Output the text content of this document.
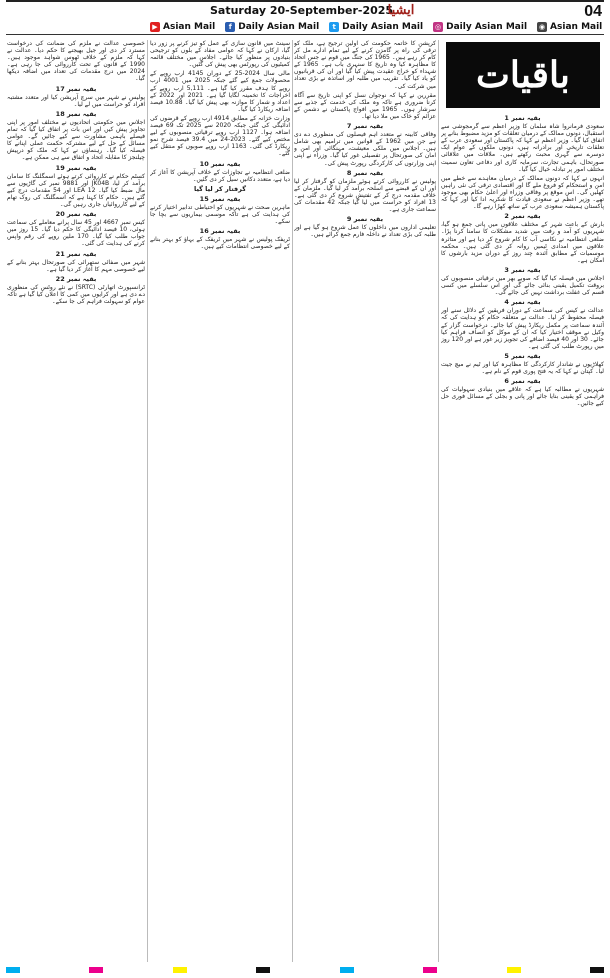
Saturday 20-September-2025
ایشیا	04
▶ Asian Mail	f Daily Asian Mail	t Daily Asian Mail ◎ Daily Asian Mail ◉ Asian Mail
باقیات
بقیہ نمبر 1

سعودی فرمانروا شاہ سلمان کا وزیر اعظم سے گرمجوشی سے استقبال، دونوں ممالک کے درمیان تعلقات کو مزید مضبوط بنانے پر اتفاق کیا گیا۔ وزیر اعظم نے کہا کہ پاکستان اور سعودی عرب کے تعلقات تاریخی اور برادرانہ ہیں، دونوں ملکوں کے عوام ایک دوسرے سے گہری محبت رکھتے ہیں۔ ملاقات میں علاقائی صورتحال، باہمی تجارت، سرمایہ کاری اور دفاعی تعاون سمیت مختلف امور پر تبادلہ خیال کیا گیا۔

انہوں نے کہا کہ دونوں ممالک کے درمیان معاہدے سے خطے میں امن و استحکام کو فروغ ملے گا اور اقتصادی ترقی کی نئی راہیں کھلیں گی۔ اس موقع پر وفاقی وزراء اور اعلیٰ حکام بھی موجود تھے۔ وزیر اعظم نے سعودی قیادت کا شکریہ ادا کیا اور کہا کہ پاکستان ہمیشہ سعودی عرب کے ساتھ کھڑا رہے گا۔

بقیہ نمبر 2

بارش کے باعث شہر کے مختلف علاقوں میں پانی جمع ہو گیا، شہریوں کو آمد و رفت میں شدید مشکلات کا سامنا کرنا پڑا۔ ضلعی انتظامیہ نے نکاسی آب کا کام شروع کر دیا ہے اور متاثرہ علاقوں میں امدادی ٹیمیں روانہ کر دی گئی ہیں۔ محکمہ موسمیات کے مطابق آئندہ چند روز کے دوران مزید بارشوں کا امکان ہے۔

بقیہ نمبر 3

اجلاس میں فیصلہ کیا گیا کہ صوبے بھر میں ترقیاتی منصوبوں کی بروقت تکمیل یقینی بنائی جائے گی اور اس سلسلے میں کسی قسم کی غفلت برداشت نہیں کی جائے گی۔

بقیہ نمبر 4

عدالت نے کیس کی سماعت کے دوران فریقین کے دلائل سنے اور فیصلہ محفوظ کر لیا۔ عدالت نے متعلقہ حکام کو ہدایت کی کہ آئندہ سماعت پر مکمل ریکارڈ پیش کیا جائے۔ درخواست گزار کے وکیل نے موقف اختیار کیا کہ ان کے موکل کو انصاف فراہم کیا جائے۔ 30 اور 40 فیصد اضافے کی تجویز زیر غور ہے اور 120 روز میں رپورٹ طلب کی گئی ہے۔

بقیہ نمبر 5

کھلاڑیوں نے شاندار کارکردگی کا مظاہرہ کیا اور ٹیم نے میچ جیت لیا۔ کپتان نے کہا کہ یہ فتح پوری قوم کے نام ہے۔

بقیہ نمبر 6

شہریوں نے مطالبہ کیا ہے کہ علاقے میں بنیادی سہولیات کی فراہمی کو یقینی بنایا جائے اور پانی و بجلی کے مسائل فوری حل کیے جائیں۔

کرپشن کا خاتمہ حکومت کی اولین ترجیح ہے، ملک کو ترقی کی راہ پر گامزن کرنے کے لیے تمام ادارے مل کر کام کر رہے ہیں۔ 1965 کی جنگ میں قوم نے جس اتحاد کا مظاہرہ کیا وہ تاریخ کا سنہری باب ہے۔ 1965 کے شہداء کو خراج عقیدت پیش کیا گیا اور ان کی قربانیوں کو یاد کیا گیا۔ تقریب میں طلبہ اور اساتذہ نے بڑی تعداد میں شرکت کی۔

مقررین نے کہا کہ نوجوان نسل کو اپنی تاریخ سے آگاہ کرنا ضروری ہے تاکہ وہ ملک کی خدمت کے جذبے سے سرشار ہوں۔ 1965 میں افواج پاکستان نے دشمن کے عزائم کو خاک میں ملا دیا تھا۔

بقیہ نمبر 7

وفاقی کابینہ نے متعدد اہم فیصلوں کی منظوری دے دی ہے جن میں 1962 کے قوانین میں ترامیم بھی شامل ہیں۔ اجلاس میں ملکی معیشت، مہنگائی اور امن و امان کی صورتحال پر تفصیلی غور کیا گیا۔ وزراء نے اپنی اپنی وزارتوں کی کارکردگی رپورٹ پیش کی۔

بقیہ نمبر 8

پولیس نے کارروائی کرتے ہوئے ملزمان کو گرفتار کر لیا اور ان کے قبضے سے اسلحہ برآمد کر لیا گیا۔ ملزمان کے خلاف مقدمہ درج کر کے تفتیش شروع کر دی گئی ہے۔ 13 افراد کو حراست میں لیا گیا جبکہ 42 مقدمات کی سماعت جاری ہے۔

بقیہ نمبر 9

تعلیمی اداروں میں داخلوں کا عمل شروع ہو گیا ہے اور طلبہ کی بڑی تعداد نے داخلہ فارم جمع کرائے ہیں۔

سینٹ میں قانون سازی کے عمل کو تیز کرنے پر زور دیا گیا، ارکان نے کہا کہ عوامی مفاد کے بلوں کو ترجیحی بنیادوں پر منظور کیا جائے۔ اجلاس میں مختلف قائمہ کمیٹیوں کی رپورٹس بھی پیش کی گئیں۔

مالی سال 2024-25 کے دوران 4145 ارب روپے کے محصولات جمع کیے گئے جبکہ 2025 میں 4001 ارب روپے کا ہدف مقرر کیا گیا ہے۔ 5,111 ارب روپے کے اخراجات کا تخمینہ لگایا گیا ہے۔ 2021 اور 2022 کے اعداد و شمار کا موازنہ بھی پیش کیا گیا۔ 10.88 فیصد اضافہ ریکارڈ کیا گیا۔

وزارت خزانہ کے مطابق 4914 ارب روپے کے قرضوں کی ادائیگی کی گئی جبکہ 2020 سے 2025 تک 69 فیصد اضافہ ہوا۔ 1127 ارب روپے ترقیاتی منصوبوں کے لیے مختص کیے گئے۔ 2023-24 میں 39.4 فیصد شرح نمو ریکارڈ کی گئی۔ 1163 ارب روپے صوبوں کو منتقل کیے گئے۔

بقیہ نمبر 10

ضلعی انتظامیہ نے تجاوزات کے خلاف آپریشن کا آغاز کر دیا ہے، متعدد دکانیں سیل کر دی گئیں۔

گرفتار کر لیا گیا
بقیہ نمبر 15

ماہرین صحت نے شہریوں کو احتیاطی تدابیر اختیار کرنے کی ہدایت کی ہے تاکہ موسمی بیماریوں سے بچا جا سکے۔

بقیہ نمبر 16

ٹریفک پولیس نے شہر میں ٹریفک کے بہاؤ کو بہتر بنانے کے لیے خصوصی انتظامات کیے ہیں۔

خصوصی عدالت نے ملزم کی ضمانت کی درخواست مسترد کر دی اور جیل بھیجنے کا حکم دیا۔ عدالت نے کہا کہ ملزم کے خلاف ٹھوس شواہد موجود ہیں۔ 1990 کے قانون کے تحت کارروائی کی جا رہی ہے۔ 2024 میں درج مقدمات کی تعداد میں اضافہ دیکھا گیا۔

بقیہ نمبر 17

پولیس نے شہر میں سرچ آپریشن کیا اور متعدد مشتبہ افراد کو حراست میں لے لیا۔

بقیہ نمبر 18

اجلاس میں حکومتی اتحادیوں نے مختلف امور پر اپنی تجاویز پیش کیں اور اس بات پر اتفاق کیا گیا کہ تمام فیصلے باہمی مشاورت سے کیے جائیں گے۔ عوامی مسائل کے حل کے لیے مشترکہ حکمت عملی اپنانے کا فیصلہ کیا گیا۔ رہنماؤں نے کہا کہ ملک کو درپیش چیلنجز کا مقابلہ اتحاد و اتفاق سے ہی ممکن ہے۔

بقیہ نمبر 19

کسٹم حکام نے کارروائی کرتے ہوئے اسمگلنگ کا سامان برآمد کر لیا، JK04B اور 9881 نمبر کی گاڑیوں سے مال ضبط کیا گیا۔ LEA 12 اور 54 مقدمات درج کیے گئے ہیں۔ حکام کا کہنا ہے کہ اسمگلنگ کی روک تھام کے لیے کارروائیاں جاری رہیں گی۔

بقیہ نمبر 20

کیس نمبر 4667 اور 45 سال پرانے معاملے کی سماعت ہوئی، 10 فیصد ادائیگی کا حکم دیا گیا۔ 15 روز میں جواب طلب کیا گیا۔ 170 ملین روپے کی رقم واپس کرنے کی ہدایت کی گئی۔

بقیہ نمبر 21

شہر میں صفائی ستھرائی کی صورتحال بہتر بنانے کے لیے خصوصی مہم کا آغاز کر دیا گیا ہے۔

بقیہ نمبر 22

ٹرانسپورٹ اتھارٹی (SRTC) نے نئے روٹس کی منظوری دے دی ہے اور کرایوں میں کمی کا اعلان کیا گیا ہے تاکہ عوام کو سہولت فراہم کی جا سکے۔
